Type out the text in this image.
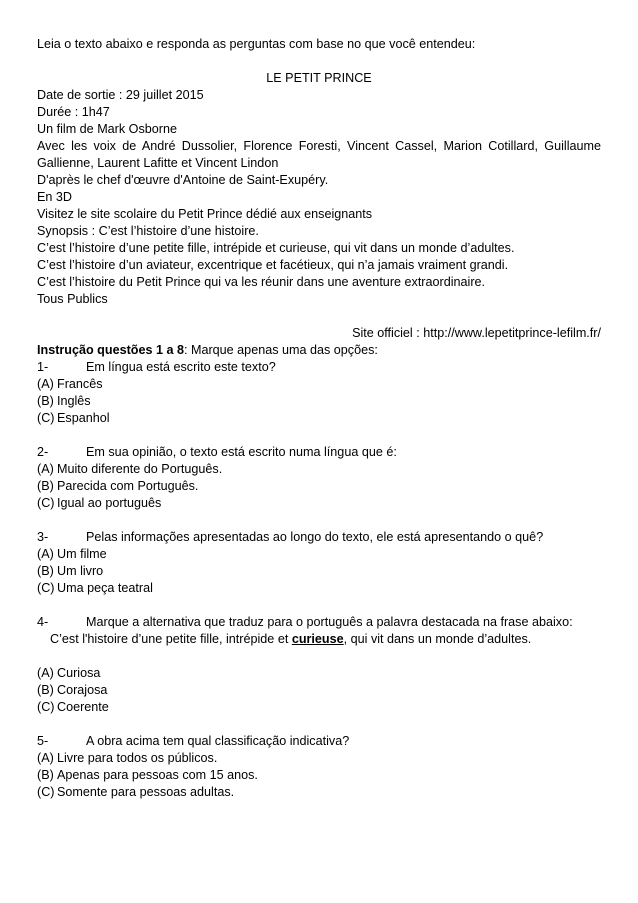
Leia o texto abaixo e responda as perguntas com base no que você entendeu:
LE PETIT PRINCE
Date de sortie : 29 juillet 2015
Durée : 1h47
Un film de Mark Osborne
Avec les voix de André Dussolier, Florence Foresti, Vincent Cassel, Marion Cotillard, Guillaume Gallienne, Laurent Lafitte et Vincent Lindon
D'après le chef d'œuvre d'Antoine de Saint-Exupéry.
En 3D
Visitez le site scolaire du Petit Prince dédié aux enseignants
Synopsis : C’est l’histoire d’une histoire.
C’est l’histoire d’une petite fille, intrépide et curieuse, qui vit dans un monde d’adultes.
C’est l’histoire d’un aviateur, excentrique et facétieux, qui n’a jamais vraiment grandi.
C’est l’histoire du Petit Prince qui va les réunir dans une aventure extraordinaire.
Tous Publics
Site officiel : http://www.lepetitprince-lefilm.fr/
Instrução questões 1 a 8: Marque apenas uma das opções:
1-	Em língua está escrito este texto?
(A) Francês
(B) Inglês
(C) Espanhol
2-	Em sua opinião, o texto está escrito numa língua que é:
(A) Muito diferente do Português.
(B) Parecida com Português.
(C) Igual ao português
3-	Pelas informações apresentadas ao longo do texto, ele está apresentando o quê?
(A) Um filme
(B) Um livro
(C) Uma peça teatral
4-	Marque a alternativa que traduz para o português a palavra destacada na frase abaixo:
C’est l'histoire d’une petite fille, intrépide et curieuse, qui vit dans un monde d’adultes.
(A) Curiosa
(B) Corajosa
(C) Coerente
5-	A obra acima tem qual classificação indicativa?
(A) Livre para todos os públicos.
(B) Apenas para pessoas com 15 anos.
(C) Somente para pessoas adultas.
